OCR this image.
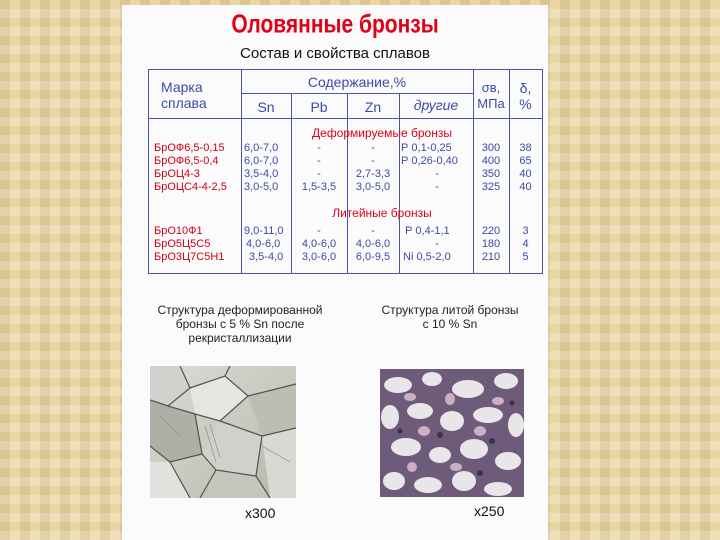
Оловянные бронзы
Состав и свойства сплавов
Марка
сплава
Содержание,%
Sn	Pb	Zn	другие
σв,
МПа
δ,
%
Деформируемые бронзы
Литейные бронзы
БрОФ6,5-0,15 6,0-7,0	-	-	Р 0,1-0,25	300	38
БрОФ6,5-0,4 6,0-7,0	-	-	Р 0,26-0,40	400	65
БрОЦ4-3	3,5-4,0	-	2,7-3,3	-	350	40
БрОЦС4-4-2,5 3,0-5,0	1,5-3,5	3,0-5,0	-	325	40
БрО10Ф1	9,0-11,0	-	-	Р 0,4-1,1	220	3
БрО5Ц5С5	4,0-6,0	4,0-6,0	4,0-6,0	-	180	4
БрО3Ц7С5Н1 3,5-4,0	3,0-6,0	6,0-9,5	Ni 0,5-2,0	210	5
Структура деформированной
бронзы с 5 % Sn после
рекристаллизации
Структура литой бронзы
с 10 % Sn
x300	x250
